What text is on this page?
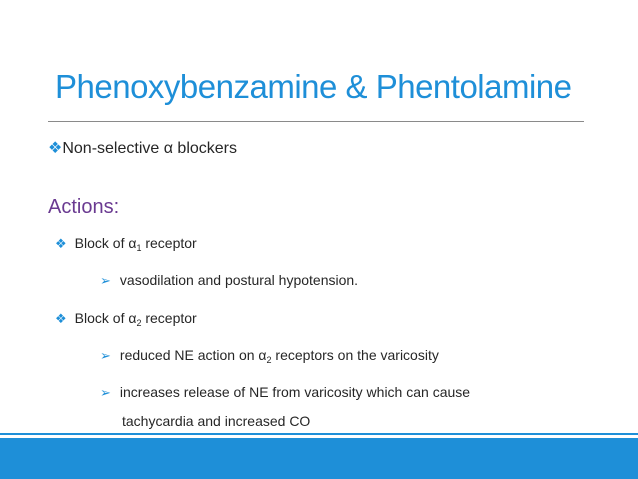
Phenoxybenzamine & Phentolamine
❖Non-selective α blockers
Actions:
❖ Block of $\alpha_1$ receptor
➢ vasodilation and postural hypotension.
❖ Block of $\alpha_2$ receptor
➢ reduced NE action on $\alpha_2$ receptors on the varicosity
➢ increases release of NE from varicosity which can cause
tachycardia and increased CO
